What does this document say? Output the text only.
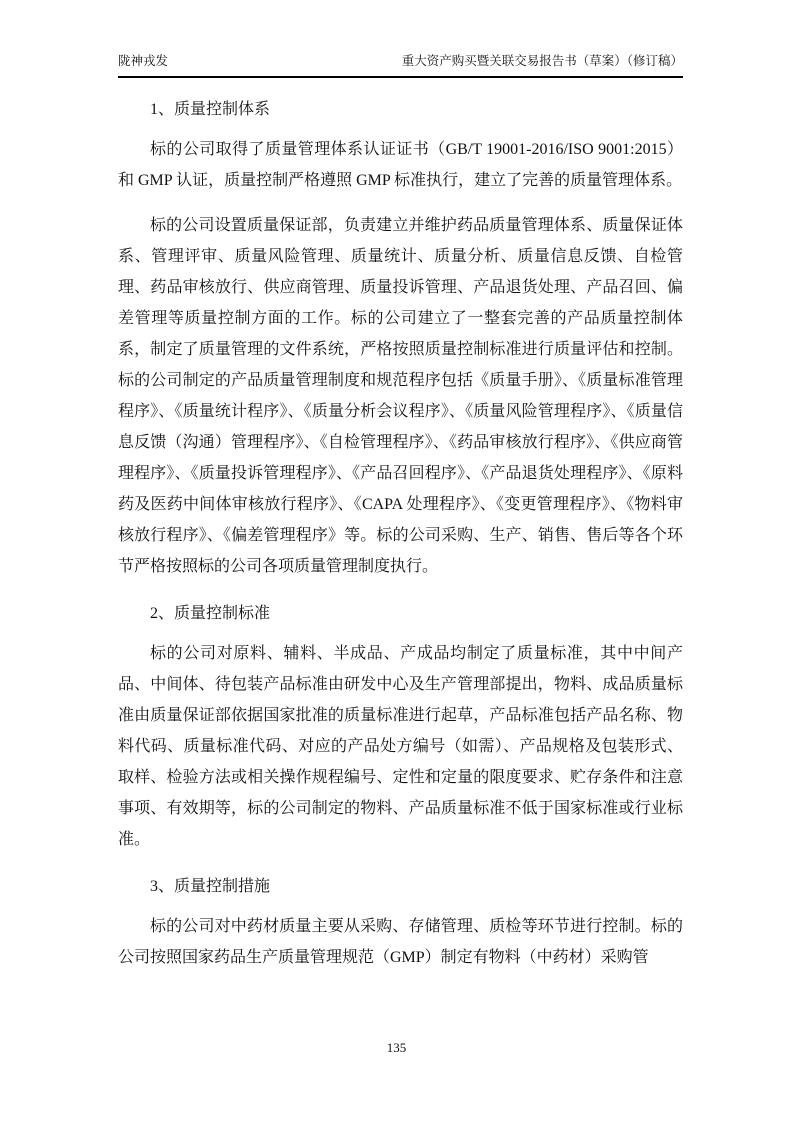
陇神戎发	重大资产购买暨关联交易报告书（草案）（修订稿）
1、质量控制体系

标的公司取得了质量管理体系认证证书（GB/T 19001-2016/ISO 9001:2015）和 GMP 认证，质量控制严格遵照 GMP 标准执行，建立了完善的质量管理体系。

标的公司设置质量保证部，负责建立并维护药品质量管理体系、质量保证体系、管理评审、质量风险管理、质量统计、质量分析、质量信息反馈、自检管理、药品审核放行、供应商管理、质量投诉管理、产品退货处理、产品召回、偏差管理等质量控制方面的工作。标的公司建立了一整套完善的产品质量控制体系，制定了质量管理的文件系统，严格按照质量控制标准进行质量评估和控制。标的公司制定的产品质量管理制度和规范程序包括《质量手册》、《质量标准管理程序》、《质量统计程序》、《质量分析会议程序》、《质量风险管理程序》、《质量信息反馈（沟通）管理程序》、《自检管理程序》、《药品审核放行程序》、《供应商管理程序》、《质量投诉管理程序》、《产品召回程序》、《产品退货处理程序》、《原料药及医药中间体审核放行程序》、《CAPA 处理程序》、《变更管理程序》、《物料审核放行程序》、《偏差管理程序》等。标的公司采购、生产、销售、售后等各个环节严格按照标的公司各项质量管理制度执行。

2、质量控制标准

标的公司对原料、辅料、半成品、产成品均制定了质量标准，其中中间产品、中间体、待包装产品标准由研发中心及生产管理部提出，物料、成品质量标准由质量保证部依据国家批准的质量标准进行起草，产品标准包括产品名称、物料代码、质量标准代码、对应的产品处方编号（如需）、产品规格及包装形式、取样、检验方法或相关操作规程编号、定性和定量的限度要求、贮存条件和注意事项、有效期等，标的公司制定的物料、产品质量标准不低于国家标准或行业标准。

3、质量控制措施

标的公司对中药材质量主要从采购、存储管理、质检等环节进行控制。标的公司按照国家药品生产质量管理规范（GMP）制定有物料（中药材）采购管

135
